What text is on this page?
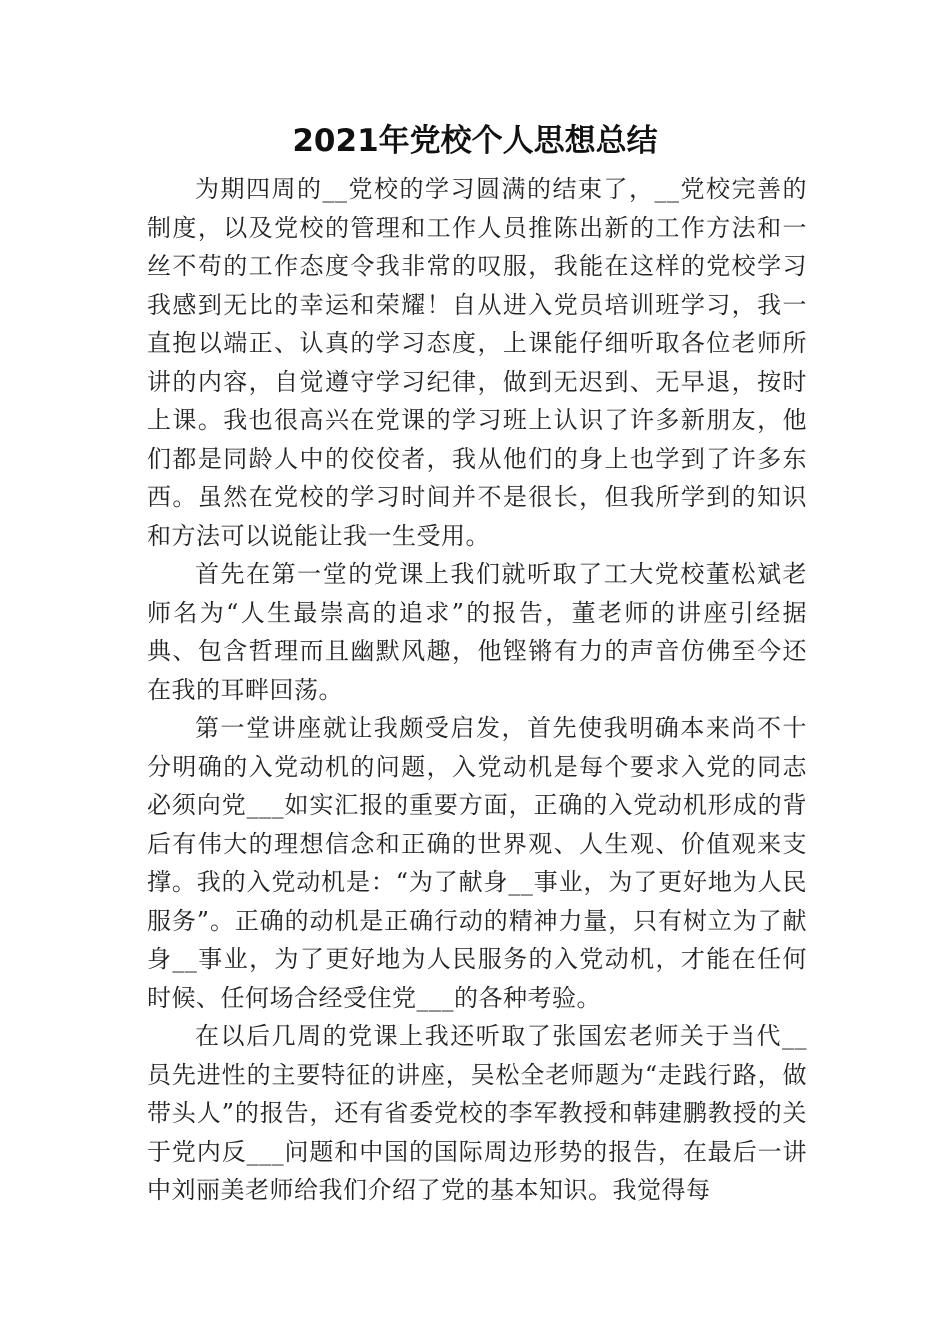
2021年党校个人思想总结

为期四周的__党校的学习圆满的结束了，__党校完善的制度，以及党校的管理和工作人员推陈出新的工作方法和一丝不苟的工作态度令我非常的叹服，我能在这样的党校学习我感到无比的幸运和荣耀！自从进入党员培训班学习，我一直抱以端正、认真的学习态度，上课能仔细听取各位老师所讲的内容，自觉遵守学习纪律，做到无迟到、无早退，按时上课。我也很高兴在党课的学习班上认识了许多新朋友，他们都是同龄人中的佼佼者，我从他们的身上也学到了许多东西。虽然在党校的学习时间并不是很长，但我所学到的知识和方法可以说能让我一生受用。

首先在第一堂的党课上我们就听取了工大党校董松斌老师名为“人生最崇高的追求”的报告，董老师的讲座引经据典、包含哲理而且幽默风趣，他铿锵有力的声音仿佛至今还在我的耳畔回荡。

第一堂讲座就让我颇受启发，首先使我明确本来尚不十分明确的入党动机的问题，入党动机是每个要求入党的同志必须向党___如实汇报的重要方面，正确的入党动机形成的背后有伟大的理想信念和正确的世界观、人生观、价值观来支撑。我的入党动机是：“为了献身__事业，为了更好地为人民服务”。正确的动机是正确行动的精神力量，只有树立为了献身__事业，为了更好地为人民服务的入党动机，才能在任何时候、任何场合经受住党___的各种考验。

在以后几周的党课上我还听取了张国宏老师关于当代__员先进性的主要特征的讲座，吴松全老师题为“走践行路，做带头人”的报告，还有省委党校的李军教授和韩建鹏教授的关于党内反___问题和中国的国际周边形势的报告，在最后一讲中刘丽美老师给我们介绍了党的基本知识。我觉得每
